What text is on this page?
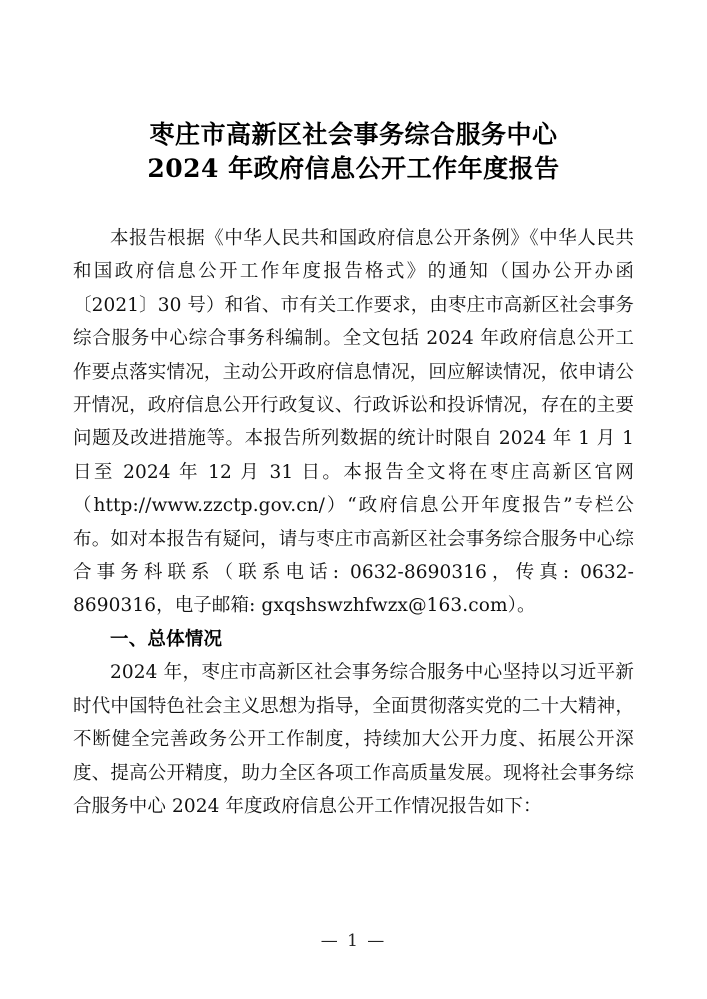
枣庄市高新区社会事务综合服务中心
2024 年政府信息公开工作年度报告

本报告根据《中华人民共和国政府信息公开条例》《中华人民共和国政府信息公开工作年度报告格式》的通知（国办公开办函〔2021〕30 号）和省、市有关工作要求，由枣庄市高新区社会事务综合服务中心综合事务科编制。全文包括 2024 年政府信息公开工作要点落实情况，主动公开政府信息情况，回应解读情况，依申请公开情况，政府信息公开行政复议、行政诉讼和投诉情况，存在的主要问题及改进措施等。本报告所列数据的统计时限自 2024 年 1 月 1 日至 2024 年 12 月 31 日。本报告全文将在枣庄高新区官网（http://www.zzctp.gov.cn/）“政府信息公开年度报告”专栏公布。如对本报告有疑问，请与枣庄市高新区社会事务综合服务中心综合事务科联系（联系电话: 0632-8690316，传真: 0632-8690316，电子邮箱: gxqshswzhfwzx@163.com）。

一、总体情况

2024 年，枣庄市高新区社会事务综合服务中心坚持以习近平新时代中国特色社会主义思想为指导，全面贯彻落实党的二十大精神，不断健全完善政务公开工作制度，持续加大公开力度、拓展公开深度、提高公开精度，助力全区各项工作高质量发展。现将社会事务综合服务中心 2024 年度政府信息公开工作情况报告如下：

— 1 —
